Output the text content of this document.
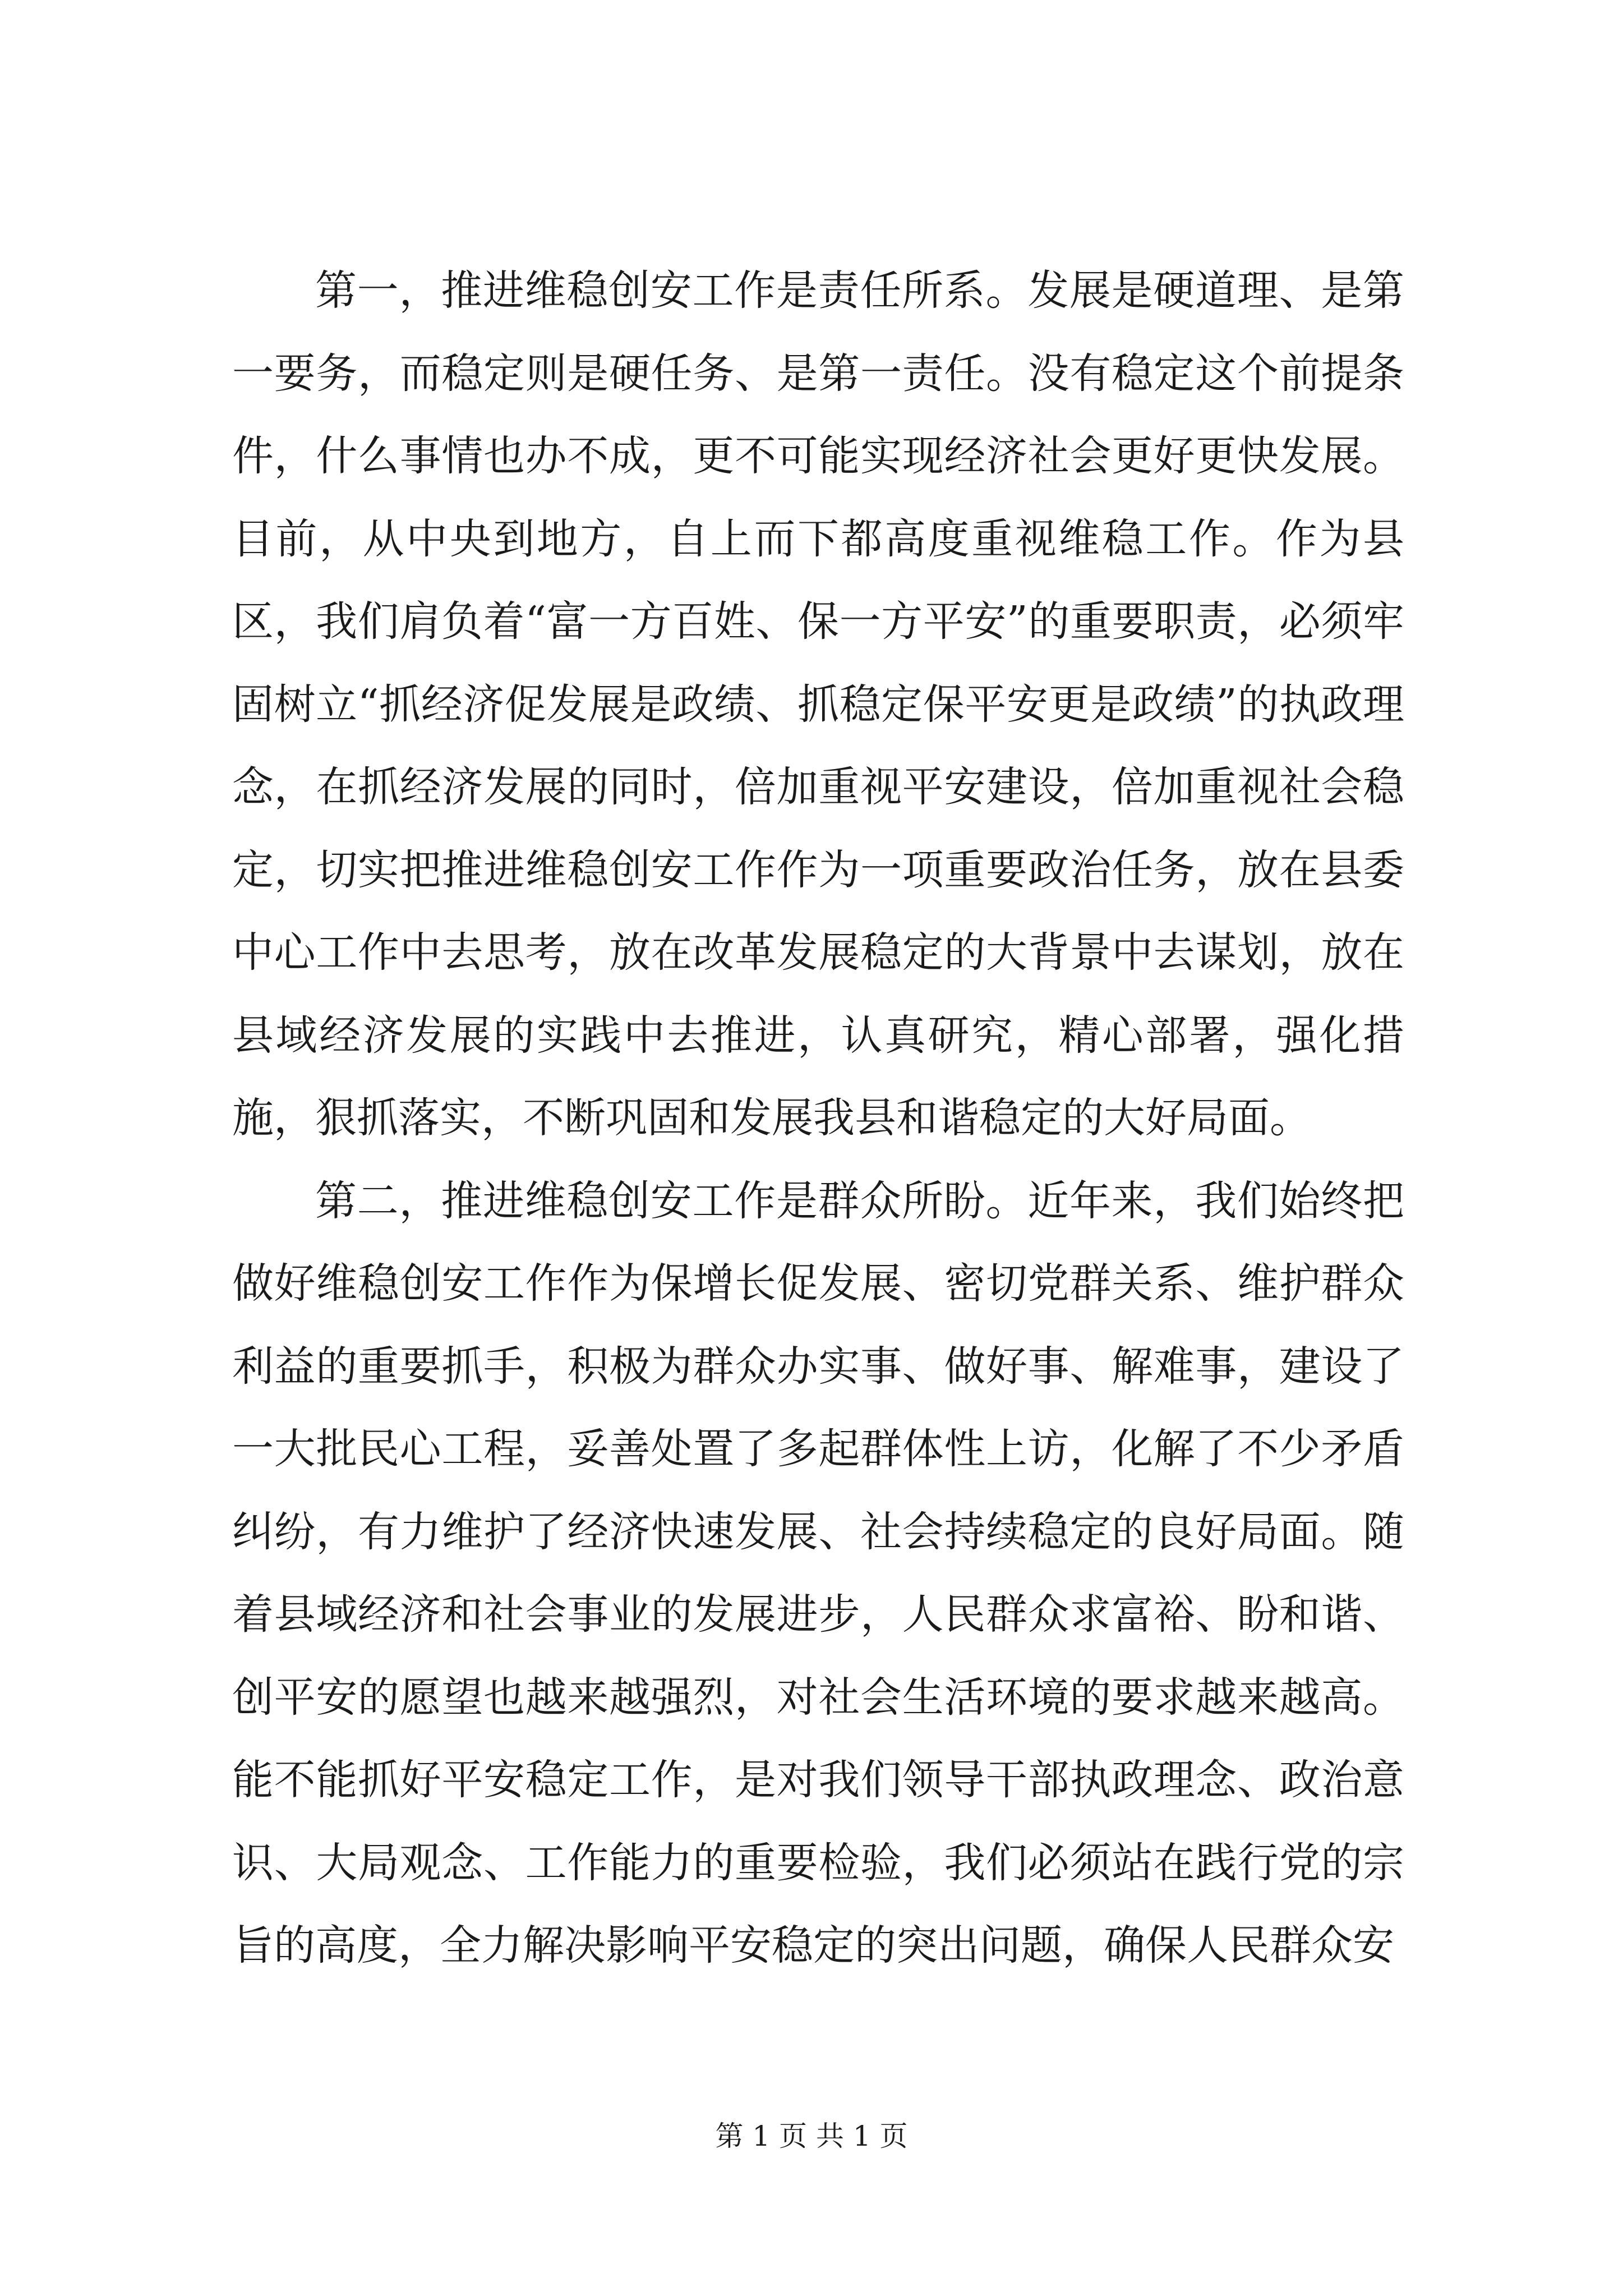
第一，推进维稳创安工作是责任所系。发展是硬道理、是第一要务，而稳定则是硬任务、是第一责任。没有稳定这个前提条件，什么事情也办不成，更不可能实现经济社会更好更快发展。目前，从中央到地方，自上而下都高度重视维稳工作。作为县区，我们肩负着“富一方百姓、保一方平安”的重要职责，必须牢固树立“抓经济促发展是政绩、抓稳定保平安更是政绩”的执政理念，在抓经济发展的同时，倍加重视平安建设，倍加重视社会稳定，切实把推进维稳创安工作作为一项重要政治任务，放在县委中心工作中去思考，放在改革发展稳定的大背景中去谋划，放在县域经济发展的实践中去推进，认真研究，精心部署，强化措施，狠抓落实，不断巩固和发展我县和谐稳定的大好局面。

第二，推进维稳创安工作是群众所盼。近年来，我们始终把做好维稳创安工作作为保增长促发展、密切党群关系、维护群众利益的重要抓手，积极为群众办实事、做好事、解难事，建设了一大批民心工程，妥善处置了多起群体性上访，化解了不少矛盾纠纷，有力维护了经济快速发展、社会持续稳定的良好局面。随着县域经济和社会事业的发展进步，人民群众求富裕、盼和谐、创平安的愿望也越来越强烈，对社会生活环境的要求越来越高。能不能抓好平安稳定工作，是对我们领导干部执政理念、政治意识、大局观念、工作能力的重要检验，我们必须站在践行党的宗旨的高度，全力解决影响平安稳定的突出问题，确保人民群众安

第 1 页 共 1 页
